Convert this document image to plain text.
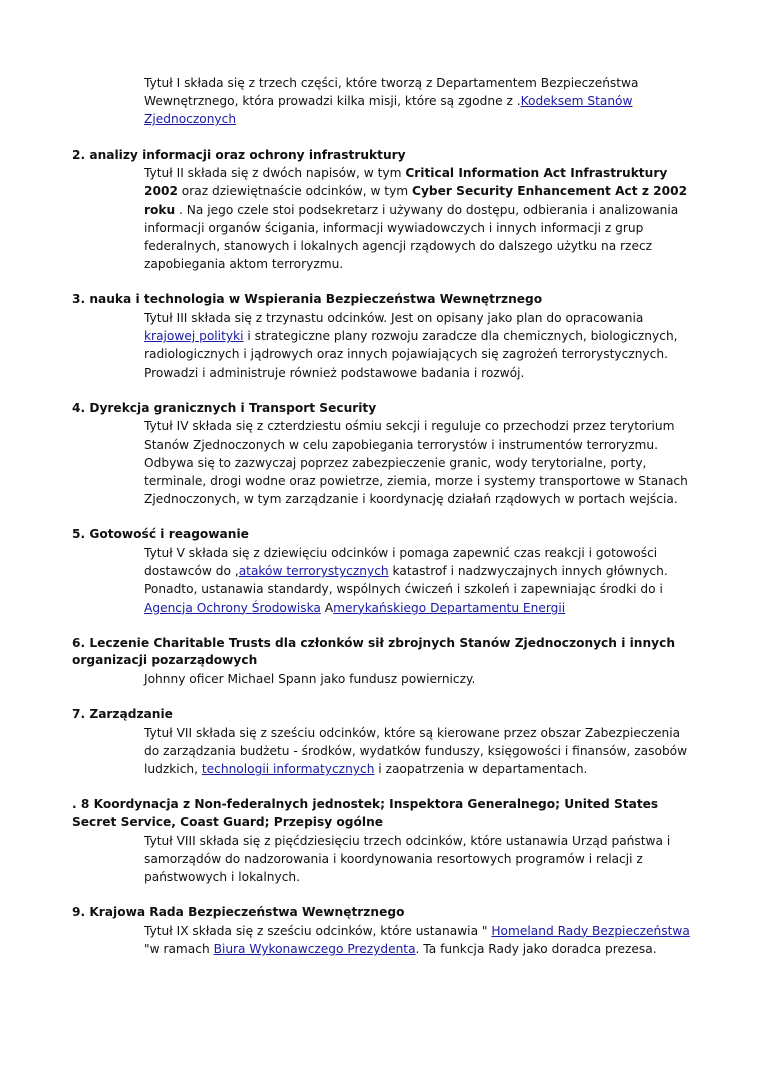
Tytuł I składa się z trzech części, które tworzą z Departamentem Bezpieczeństwa Wewnętrznego, która prowadzi kilka misji, które są zgodne z .Kodeksem Stanów Zjednoczonych

2. analizy informacji oraz ochrony infrastruktury

Tytuł II składa się z dwóch napisów, w tym Critical Information Act Infrastruktury 2002 oraz dziewiętnaście odcinków, w tym Cyber Security Enhancement Act z 2002 roku . Na jego czele stoi podsekretarz i używany do dostępu, odbierania i analizowania informacji organów ścigania, informacji wywiadowczych i innych informacji z grup federalnych, stanowych i lokalnych agencji rządowych do dalszego użytku na rzecz zapobiegania aktom terroryzmu.

3. nauka i technologia w Wspierania Bezpieczeństwa Wewnętrznego

Tytuł III składa się z trzynastu odcinków. Jest on opisany jako plan do opracowania krajowej polityki i strategiczne plany rozwoju zaradcze dla chemicznych, biologicznych, radiologicznych i jądrowych oraz innych pojawiających się zagrożeń terrorystycznych. Prowadzi i administruje również podstawowe badania i rozwój.

4. Dyrekcja granicznych i Transport Security

Tytuł IV składa się z czterdziestu ośmiu sekcji i reguluje co przechodzi przez terytorium Stanów Zjednoczonych w celu zapobiegania terrorystów i instrumentów terroryzmu. Odbywa się to zazwyczaj poprzez zabezpieczenie granic, wody terytorialne, porty, terminale, drogi wodne oraz powietrze, ziemia, morze i systemy transportowe w Stanach Zjednoczonych, w tym zarządzanie i koordynację działań rządowych w portach wejścia.

5. Gotowość i reagowanie

Tytuł V składa się z dziewięciu odcinków i pomaga zapewnić czas reakcji i gotowości dostawców do ,ataków terrorystycznych katastrof i nadzwyczajnych innych głównych. Ponadto, ustanawia standardy, wspólnych ćwiczeń i szkoleń i zapewniając środki do i Agencja Ochrony Środowiska Amerykańskiego Departamentu Energii

6. Leczenie Charitable Trusts dla członków sił zbrojnych Stanów Zjednoczonych i innych organizacji pozarządowych

Johnny oficer Michael Spann jako fundusz powierniczy.

7. Zarządzanie

Tytuł VII składa się z sześciu odcinków, które są kierowane przez obszar Zabezpieczenia do zarządzania budżetu - środków, wydatków funduszy, księgowości i finansów, zasobów ludzkich, technologii informatycznych i zaopatrzenia w departamentach.

. 8 Koordynacja z Non-federalnych jednostek; Inspektora Generalnego; United States Secret Service, Coast Guard; Przepisy ogólne

Tytuł VIII składa się z pięćdziesięciu trzech odcinków, które ustanawia Urząd państwa i samorządów do nadzorowania i koordynowania resortowych programów i relacji z państwowych i lokalnych.

9. Krajowa Rada Bezpieczeństwa Wewnętrznego

Tytuł IX składa się z sześciu odcinków, które ustanawia " Homeland Rady Bezpieczeństwa "w ramach Biura Wykonawczego Prezydenta. Ta funkcja Rady jako doradca prezesa.
